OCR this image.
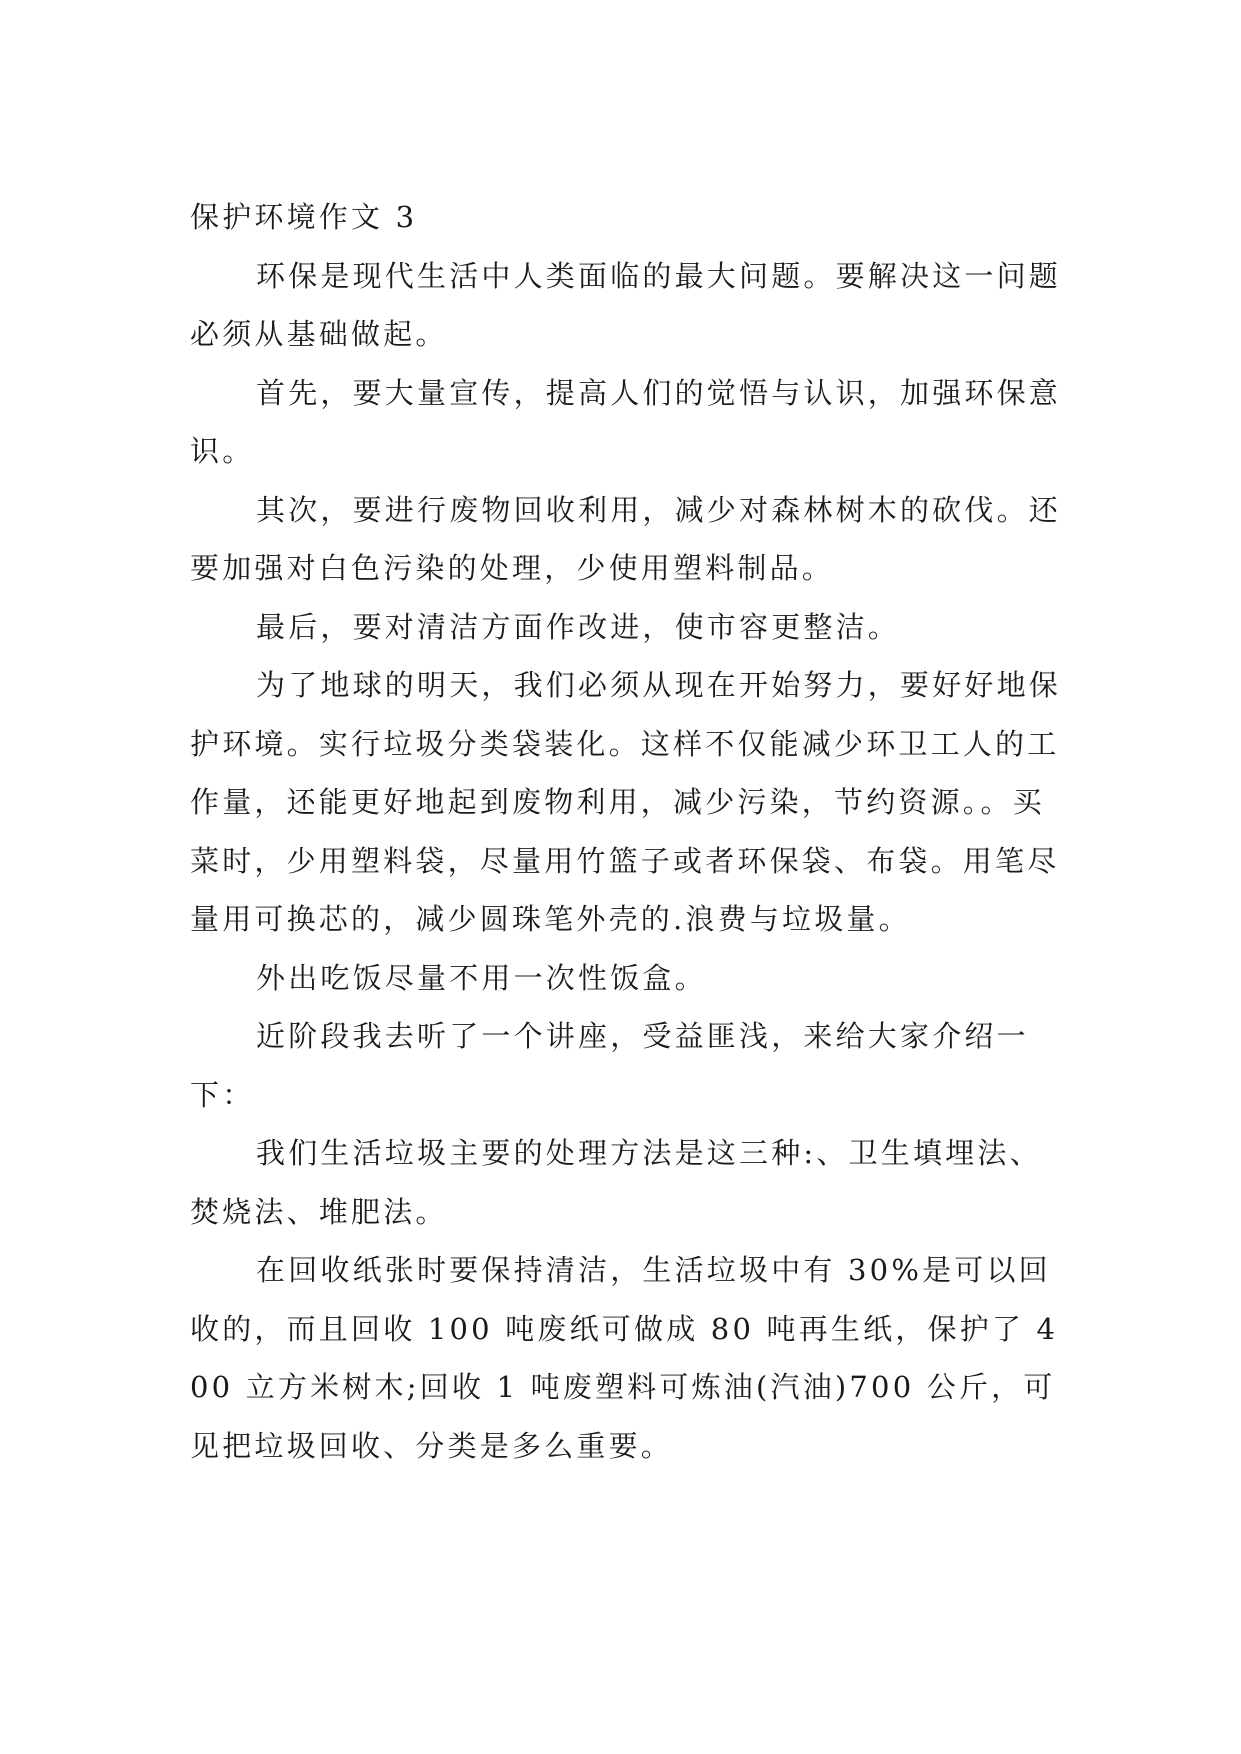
保护环境作文 3

环保是现代生活中人类面临的最大问题。要解决这一问题必须从基础做起。

首先，要大量宣传，提高人们的觉悟与认识，加强环保意识。

其次，要进行废物回收利用，减少对森林树木的砍伐。还要加强对白色污染的处理，少使用塑料制品。

最后，要对清洁方面作改进，使市容更整洁。

为了地球的明天，我们必须从现在开始努力，要好好地保护环境。实行垃圾分类袋装化。这样不仅能减少环卫工人的工作量，还能更好地起到废物利用，减少污染，节约资源。。买菜时，少用塑料袋，尽量用竹篮子或者环保袋、布袋。用笔尽量用可换芯的，减少圆珠笔外壳的.浪费与垃圾量。

外出吃饭尽量不用一次性饭盒。

近阶段我去听了一个讲座，受益匪浅，来给大家介绍一下：

我们生活垃圾主要的处理方法是这三种:、卫生填埋法、焚烧法、堆肥法。

在回收纸张时要保持清洁，生活垃圾中有 30%是可以回收的，而且回收 100 吨废纸可做成 80 吨再生纸，保护了 400 立方米树木;回收 1 吨废塑料可炼油(汽油)700 公斤，可见把垃圾回收、分类是多么重要。
